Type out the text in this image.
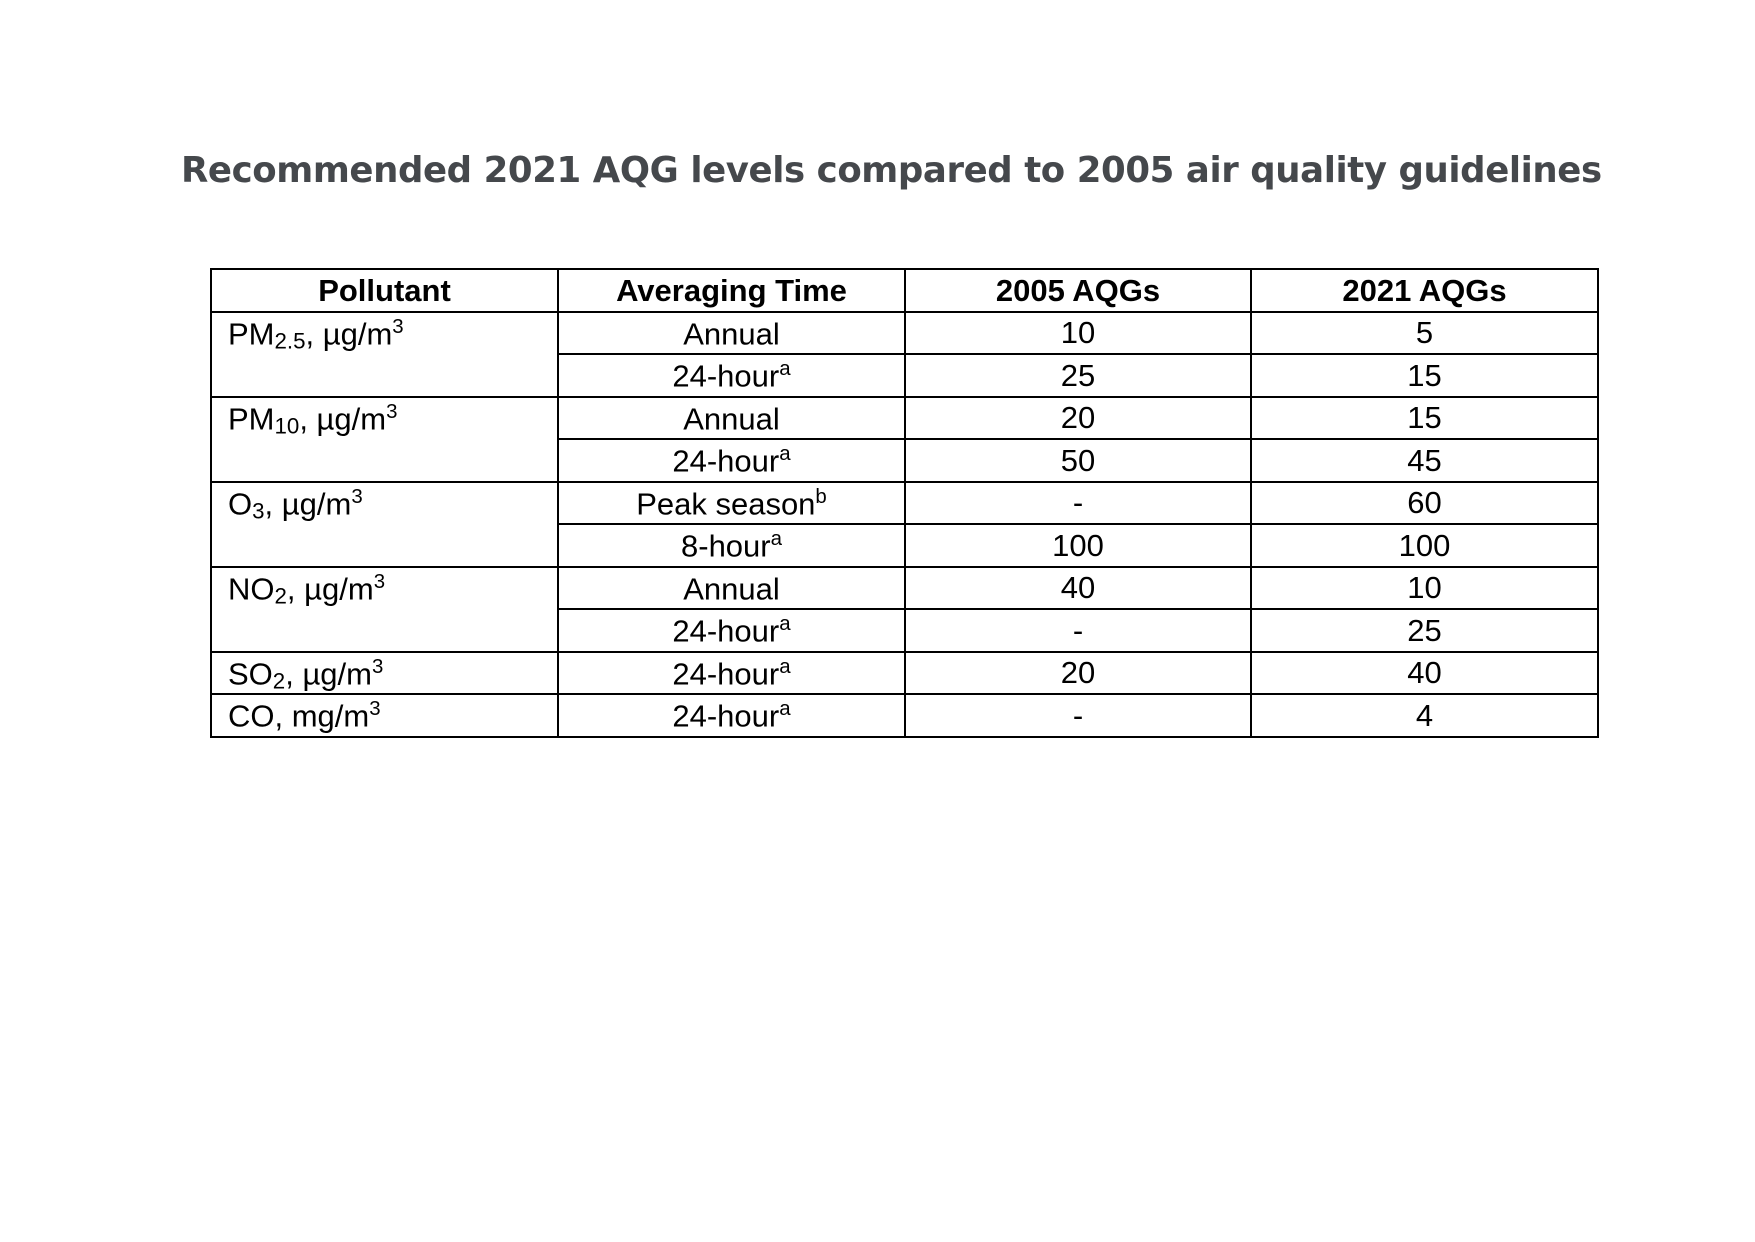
Recommended 2021 AQG levels compared to 2005 air quality guidelines
Pollutant	Averaging Time	2005 AQGs	2021 AQGs
PM2.5, $\mu g/m^3$	Annual	10	5
	24-hour$^a$	25	15
PM10, $\mu g/m^3$	Annual	20	15
	24-hour$^a$	50	45
O3, $\mu g/m^3$	Peak season$^b$	-	60
	8-hour$^a$	100	100
NO2, $\mu g/m^3$	Annual	40	10
	24-hour$^a$	-	25
SO2, $\mu g/m^3$	24-hour$^a$	20	40
CO, $mg/m^3$	24-hour$^a$	-	4
